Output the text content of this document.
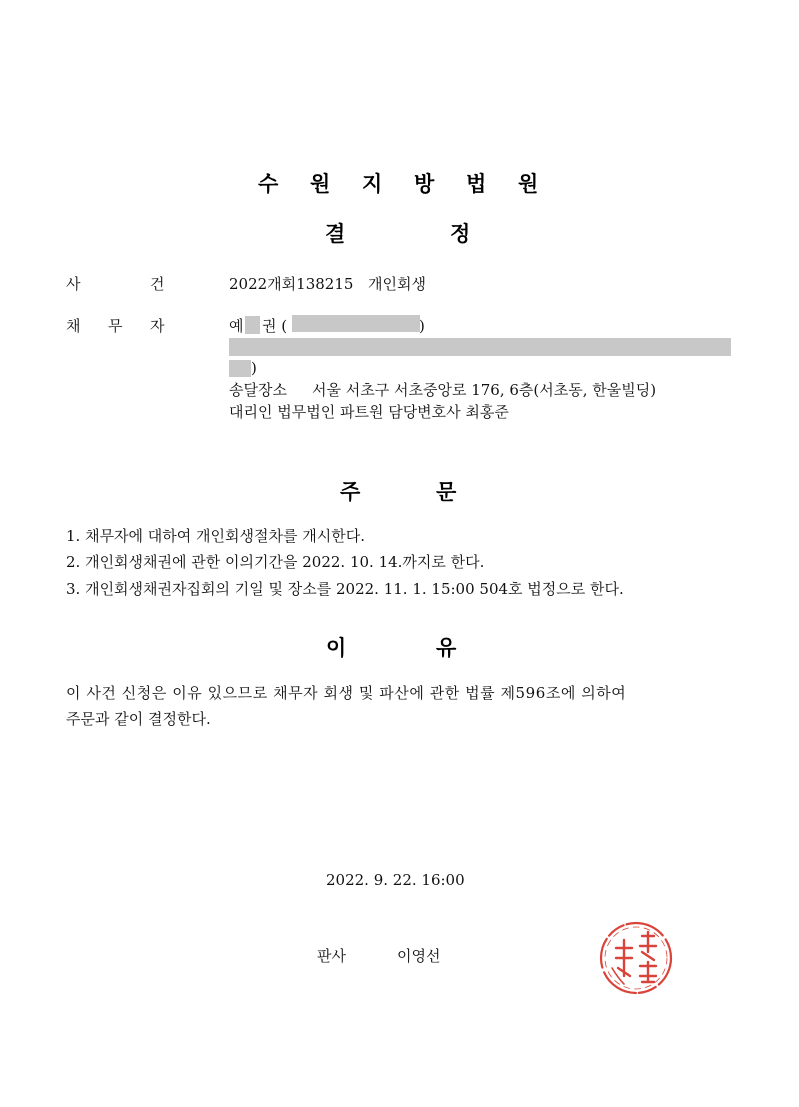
수 원 지 방 법 원
결	정
사	건	2022개회138215 개인회생
채 무 자	예 권 (	)
)
송달장소 서울 서초구 서초중앙로 176, 6층(서초동, 한울빌딩)
대리인 법무법인 파트원 담당변호사 최홍준
주	문
1. 채무자에 대하여 개인회생절차를 개시한다.
2. 개인회생채권에 관한 이의기간을 2022. 10. 14.까지로 한다.
3. 개인회생채권자집회의 기일 및 장소를 2022. 11. 1. 15:00 504호 법정으로 한다.
이	유
이 사건 신청은 이유 있으므로 채무자 회생 및 파산에 관한 법률 제596조에 의하여
주문과 같이 결정한다.
2022. 9. 22. 16:00
판사	이영선
